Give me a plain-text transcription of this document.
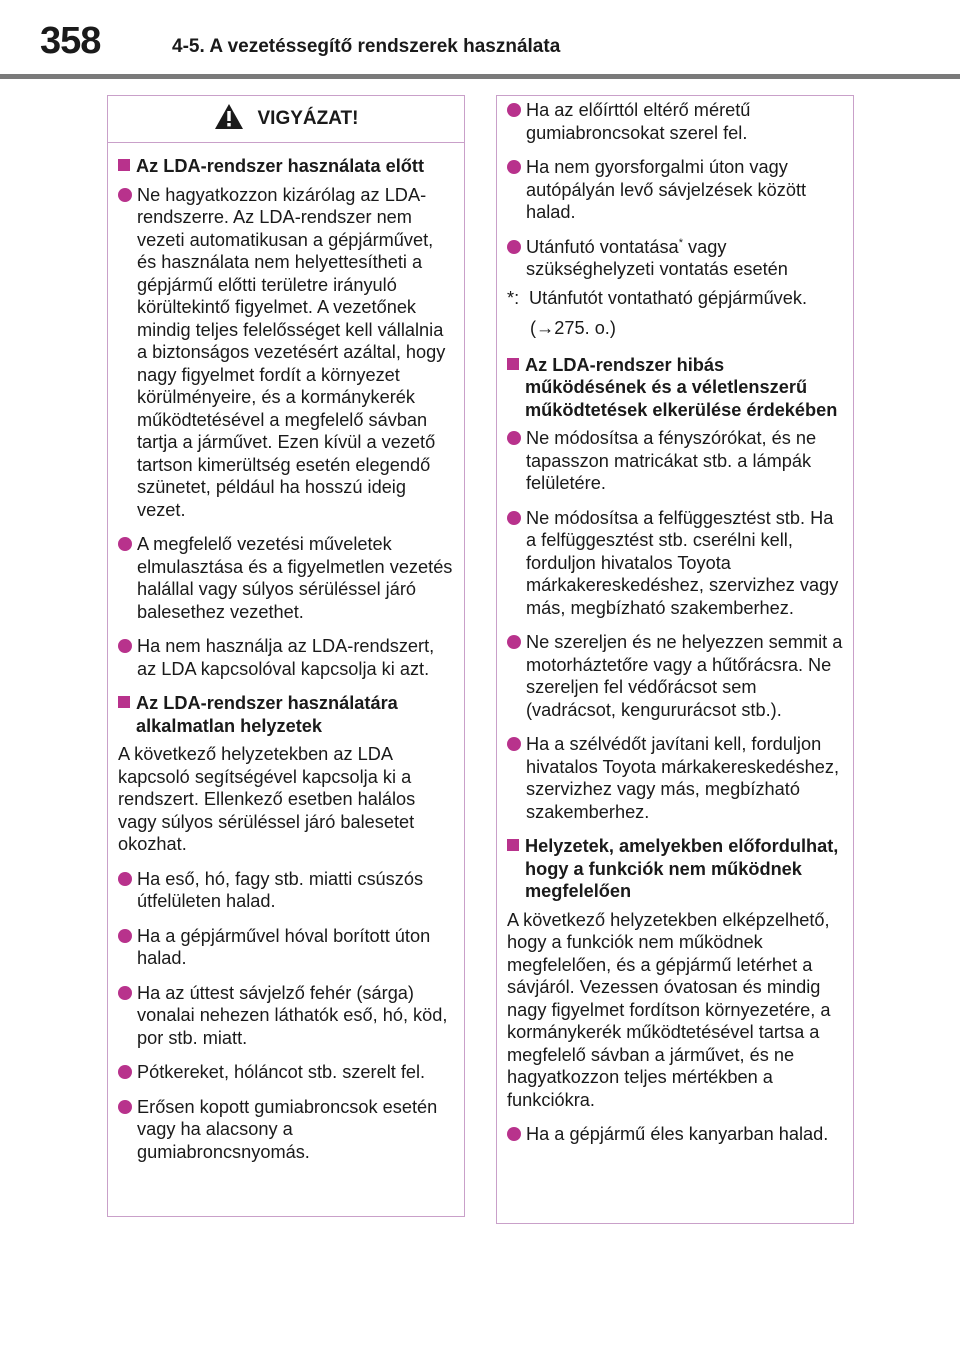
358	4-5. A vezetéssegítő rendszerek használata
VIGYÁZAT!
Az LDA-rendszer használata előtt
Ne hagyatkozzon kizárólag az LDA-rendszerre. Az LDA-rendszer nem vezeti automatikusan a gépjárművet, és használata nem helyettesítheti a gépjármű előtti területre irányuló körültekintő figyelmet. A vezetőnek mindig teljes felelősséget kell vállalnia a biztonságos vezetésért azáltal, hogy nagy figyelmet fordít a környezet körülményeire, és a kormánykerék működtetésével a megfelelő sávban tartja a járművet. Ezen kívül a vezető tartson kimerültség esetén elegendő szünetet, például ha hosszú ideig vezet.
A megfelelő vezetési műveletek elmulasztása és a figyelmetlen vezetés halállal vagy súlyos sérüléssel járó balesethez vezethet.
Ha nem használja az LDA-rendszert, az LDA kapcsolóval kapcsolja ki azt.
Az LDA-rendszer használatára alkalmatlan helyzetek
A következő helyzetekben az LDA kapcsoló segítségével kapcsolja ki a rendszert. Ellenkező esetben halálos vagy súlyos sérüléssel járó balesetet okozhat.
Ha eső, hó, fagy stb. miatti csúszós útfelületen halad.
Ha a gépjárművel hóval borított úton halad.
Ha az úttest sávjelző fehér (sárga) vonalai nehezen láthatók eső, hó, köd, por stb. miatt.
Pótkereket, hóláncot stb. szerelt fel.
Erősen kopott gumiabroncsok esetén vagy ha alacsony a gumiabroncsnyomás.
Ha az előírttól eltérő méretű gumiabroncsokat szerel fel.
Ha nem gyorsforgalmi úton vagy autópályán levő sávjelzések között halad.
Utánfutó vontatása* vagy szükséghelyzeti vontatás esetén
*: Utánfutót vontatható gépjárművek.
(→275. o.)
Az LDA-rendszer hibás működésének és a véletlenszerű működtetések elkerülése érdekében
Ne módosítsa a fényszórókat, és ne tapasszon matricákat stb. a lámpák felületére.
Ne módosítsa a felfüggesztést stb. Ha a felfüggesztést stb. cserélni kell, forduljon hivatalos Toyota márkakereskedéshez, szervizhez vagy más, megbízható szakemberhez.
Ne szereljen és ne helyezzen semmit a motorháztetőre vagy a hűtőrácsra. Ne szereljen fel védőrácsot sem (vadrácsot, kengururácsot stb.).
Ha a szélvédőt javítani kell, forduljon hivatalos Toyota márkakereskedéshez, szervizhez vagy más, megbízható szakemberhez.
Helyzetek, amelyekben előfordulhat, hogy a funkciók nem működnek megfelelően
A következő helyzetekben elképzelhető, hogy a funkciók nem működnek megfelelően, és a gépjármű letérhet a sávjáról. Vezessen óvatosan és mindig nagy figyelmet fordítson környezetére, a kormánykerék működtetésével tartsa a megfelelő sávban a járművet, és ne hagyatkozzon teljes mértékben a funkciókra.
Ha a gépjármű éles kanyarban halad.
